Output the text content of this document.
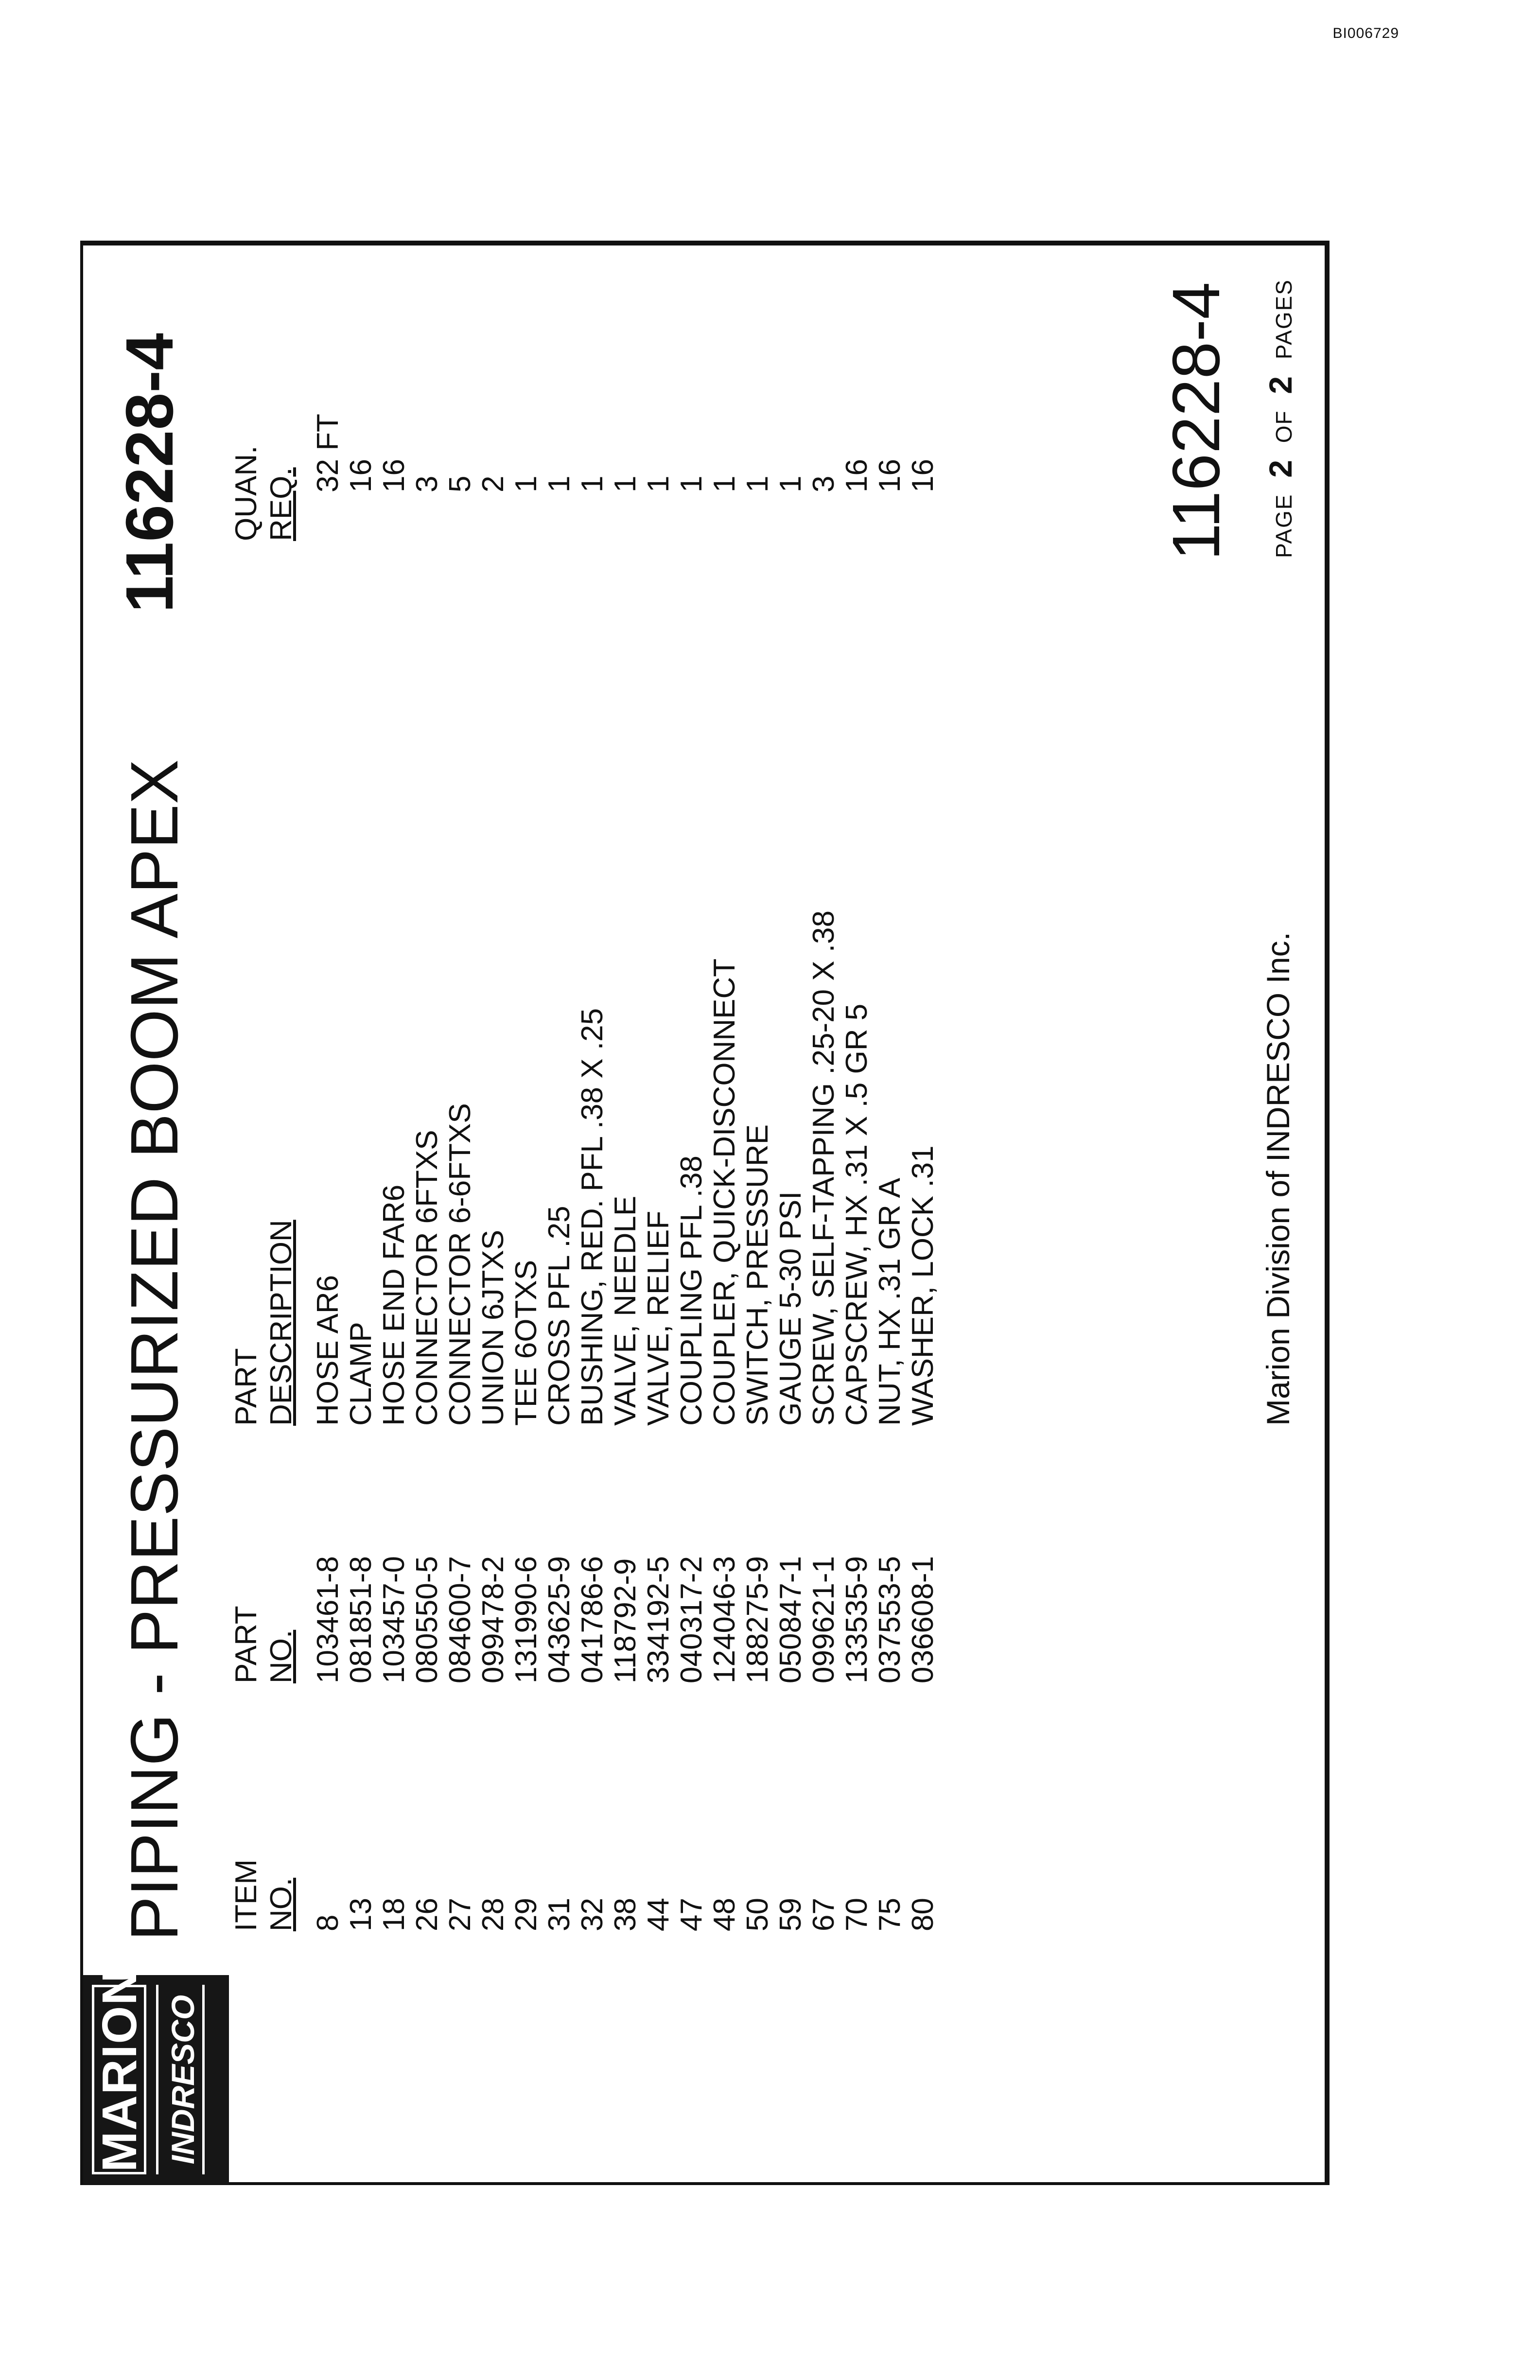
BI006729
MARION INDRESCO
PIPING - PRESSURIZED BOOM APEX
116228-4
ITEM NO.
PART NO.
PART DESCRIPTION
QUAN. REQ.
8
103461-8
HOSE AR6
32 FT
13
081851-8
CLAMP
16
18
103457-0
HOSE END FAR6
16
26
080550-5
CONNECTOR 6FTXS
3
27
084600-7
CONNECTOR 6-6FTXS
5
28
099478-2
UNION 6JTXS
2
29
131990-6
TEE 6OTXS
1
31
043625-9
CROSS PFL .25
1
32
041786-6
BUSHING, RED. PFL .38 X .25
1
38
118792-9
VALVE, NEEDLE
1
44
334192-5
VALVE, RELIEF
1
47
040317-2
COUPLING PFL .38
1
48
124046-3
COUPLER, QUICK-DISCONNECT
1
50
188275-9
SWITCH, PRESSURE
1
59
050847-1
GAUGE 5-30 PSI
1
67
099621-1
SCREW, SELF-TAPPING .25-20 X .38
3
70
133535-9
CAPSCREW, HX .31 X .5 GR 5
16
75
037553-5
NUT, HX .31 GR A
16
80
036608-1
WASHER, LOCK .31
16
Marion Division of INDRESCO Inc.
116228-4	PAGE 2 OF 2 PAGES
